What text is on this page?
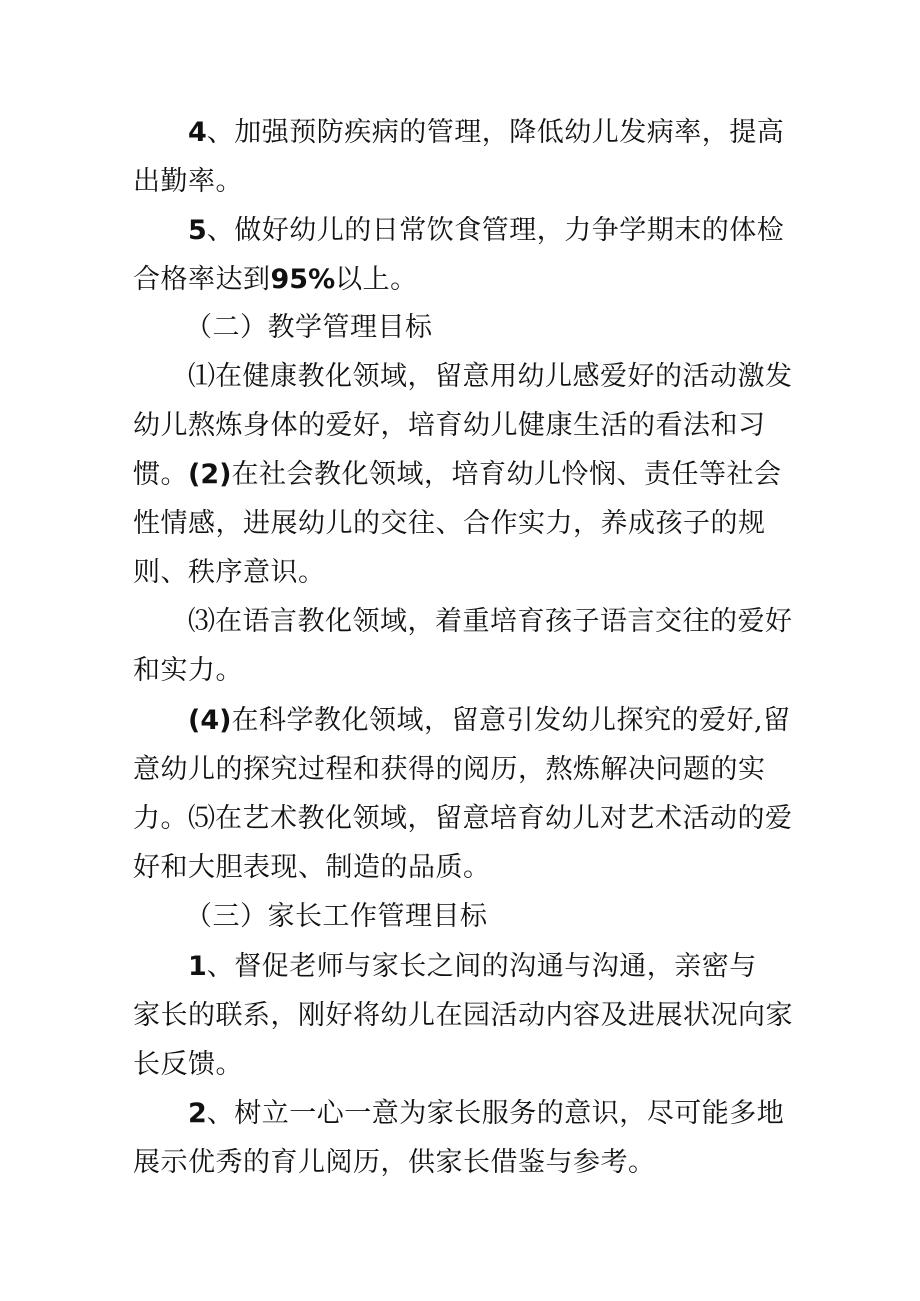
4、加强预防疾病的管理，降低幼儿发病率，提高出勤率。

5、做好幼儿的日常饮食管理，力争学期末的体检合格率达到95%以上。

（二）教学管理目标

⑴在健康教化领域，留意用幼儿感爱好的活动激发幼儿熬炼身体的爱好，培育幼儿健康生活的看法和习惯。 (2)在社会教化领域，培育幼儿怜悯、责任等社会性情感，进展幼儿的交往、合作实力，养成孩子的规则、秩序意识。

⑶在语言教化领域，着重培育孩子语言交往的爱好和实力。

(4)在科学教化领域，留意引发幼儿探究的爱好,留意幼儿的探究过程和获得的阅历，熬炼解决问题的实力。 ⑸在艺术教化领域，留意培育幼儿对艺术活动的爱好和大胆表现、制造的品质。

（三）家长工作管理目标

1、督促老师与家长之间的沟通与沟通，亲密与
家长的联系，刚好将幼儿在园活动内容及进展状况向家长反馈。

2、树立一心一意为家长服务的意识，尽可能多地展示优秀的育儿阅历，供家长借鉴与参考。
